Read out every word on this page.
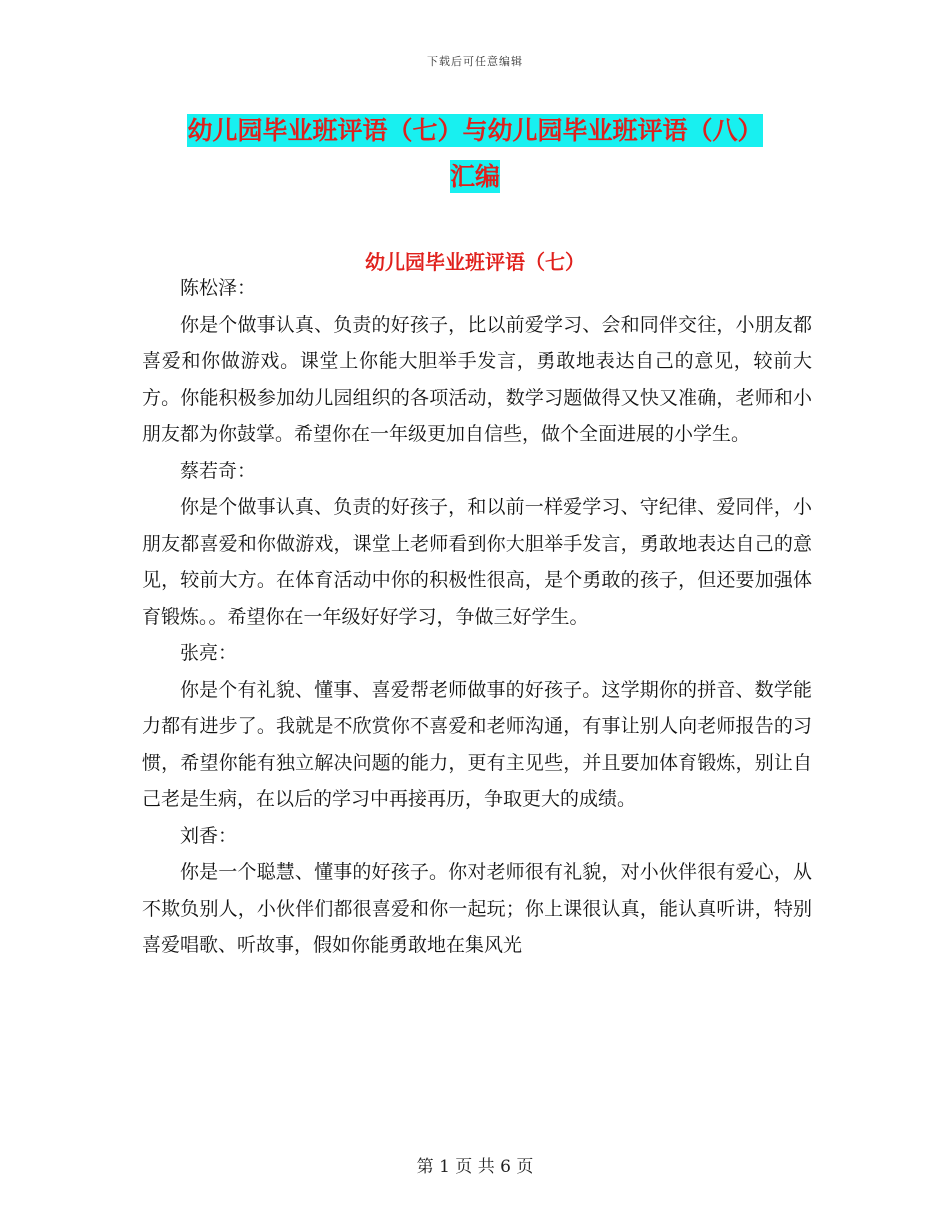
下载后可任意编辑
幼儿园毕业班评语（七）与幼儿园毕业班评语（八）
汇编
幼儿园毕业班评语（七）

陈松泽：

你是个做事认真、负责的好孩子，比以前爱学习、会和同伴交往，小朋友都喜爱和你做游戏。课堂上你能大胆举手发言，勇敢地表达自己的意见，较前大方。你能积极参加幼儿园组织的各项活动，数学习题做得又快又准确，老师和小朋友都为你鼓掌。希望你在一年级更加自信些，做个全面进展的小学生。

蔡若奇：

你是个做事认真、负责的好孩子，和以前一样爱学习、守纪律、爱同伴，小朋友都喜爱和你做游戏，课堂上老师看到你大胆举手发言，勇敢地表达自己的意见，较前大方。在体育活动中你的积极性很高，是个勇敢的孩子，但还要加强体育锻炼。。希望你在一年级好好学习，争做三好学生。

张亮：

你是个有礼貌、懂事、喜爱帮老师做事的好孩子。这学期你的拼音、数学能力都有进步了。我就是不欣赏你不喜爱和老师沟通，有事让别人向老师报告的习惯，希望你能有独立解决问题的能力，更有主见些，并且要加体育锻炼，别让自己老是生病，在以后的学习中再接再历，争取更大的成绩。

刘香：

你是一个聪慧、懂事的好孩子。你对老师很有礼貌，对小伙伴很有爱心，从不欺负别人，小伙伴们都很喜爱和你一起玩；你上课很认真，能认真听讲，特别喜爱唱歌、听故事，假如你能勇敢地在集风光

第 1 页 共 6 页
